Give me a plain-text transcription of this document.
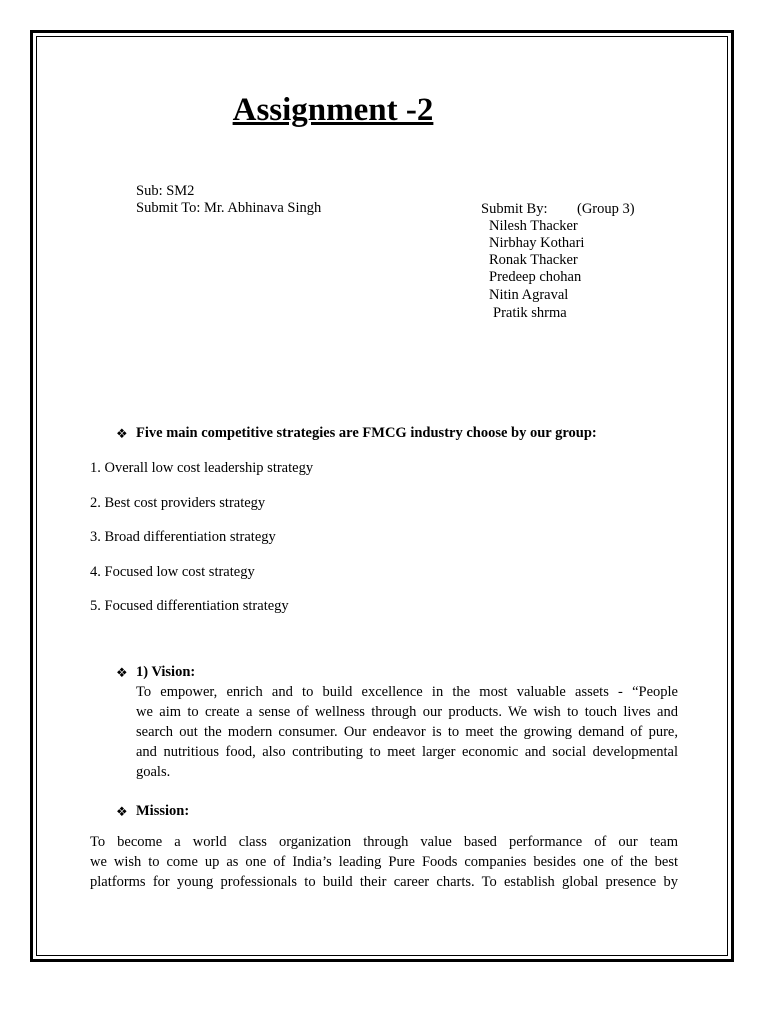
Assignment -2
Sub: SM2
Submit To: Mr. Abhinava Singh	Submit By: (Group 3)
Nilesh Thacker
Nirbhay Kothari
Ronak Thacker
Predeep chohan
Nitin Agraval
Pratik shrma
❖ Five main competitive strategies are FMCG industry choose by our group:
1. Overall low cost leadership strategy
2. Best cost providers strategy
3. Broad differentiation strategy
4. Focused low cost strategy
5. Focused differentiation strategy
❖ 1) Vision:
To empower, enrich and to build excellence in the most valuable assets - “People
we aim to create a sense of wellness through our products. We wish to touch lives and
search out the modern consumer. Our endeavor is to meet the growing demand of pure,
and nutritious food, also contributing to meet larger economic and social developmental
goals.
❖ Mission:
To become a world class organization through value based performance of our team
we wish to come up as one of India’s leading Pure Foods companies besides one of the best
platforms for young professionals to build their career charts. To establish global presence by
